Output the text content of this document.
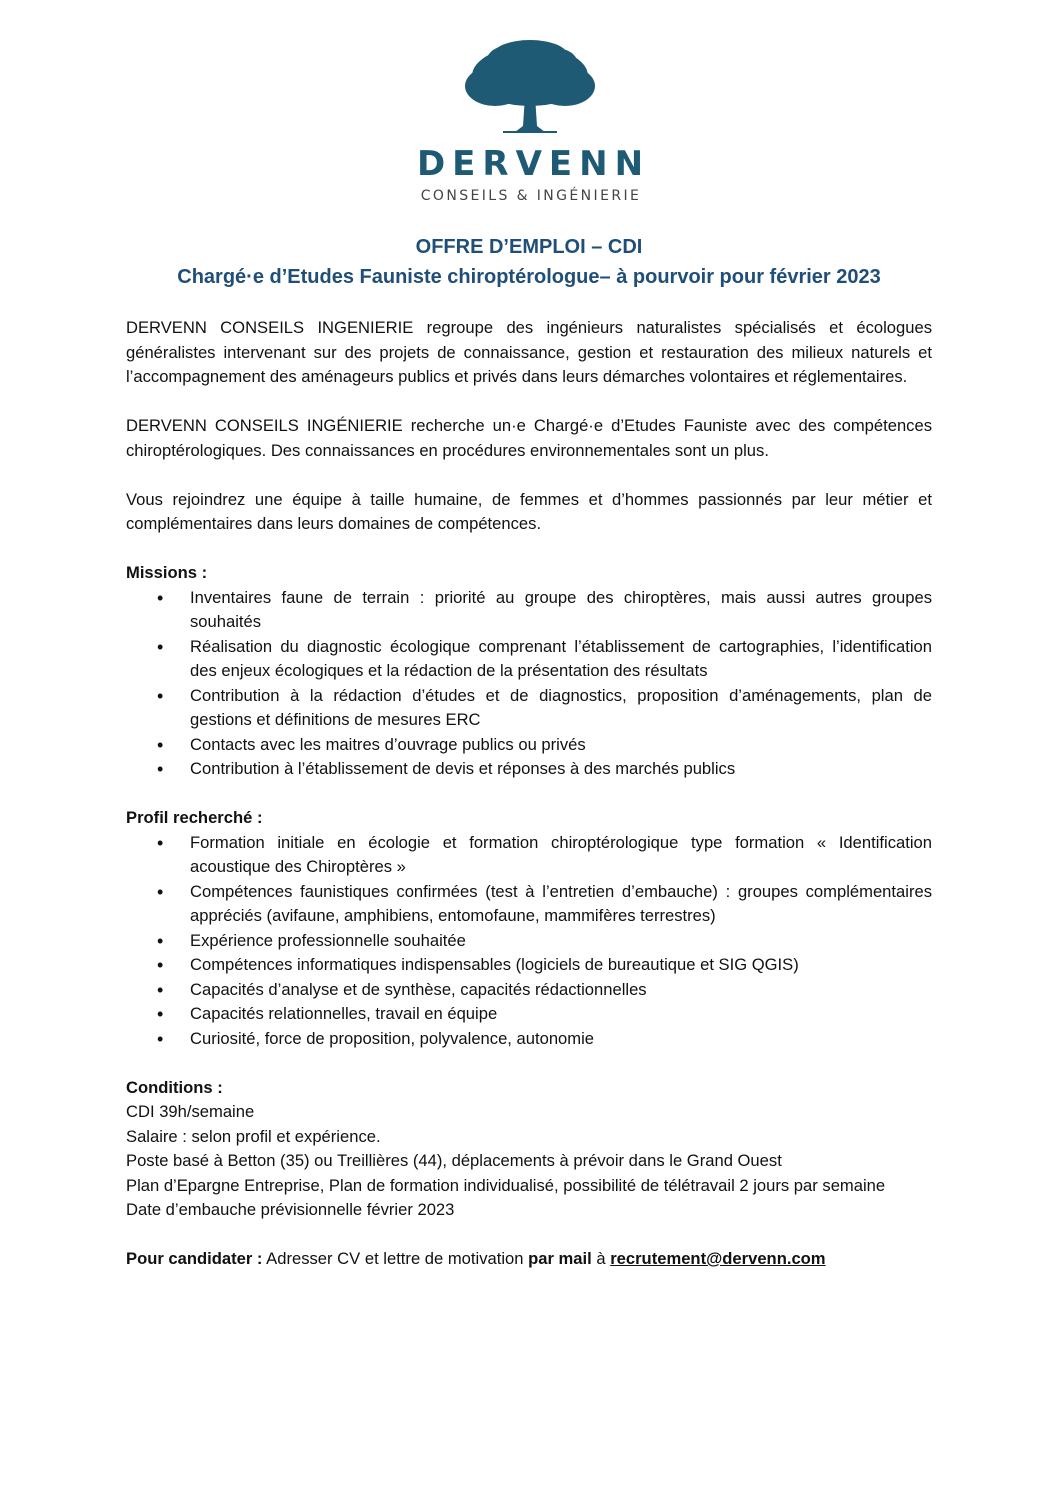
DERVENN
CONSEILS & INGÉNIERIE
OFFRE D’EMPLOI – CDI
Chargé·e d’Etudes Fauniste chiroptérologue– à pourvoir pour février 2023

DERVENN CONSEILS INGENIERIE regroupe des ingénieurs naturalistes spécialisés et écologues généralistes intervenant sur des projets de connaissance, gestion et restauration des milieux naturels et l’accompagnement des aménageurs publics et privés dans leurs démarches volontaires et réglementaires.

DERVENN CONSEILS INGÉNIERIE recherche un·e Chargé·e d’Etudes Fauniste avec des compétences chiroptérologiques. Des connaissances en procédures environnementales sont un plus.

Vous rejoindrez une équipe à taille humaine, de femmes et d’hommes passionnés par leur métier et complémentaires dans leurs domaines de compétences.

Missions :

• Inventaires faune de terrain : priorité au groupe des chiroptères, mais aussi autres groupes souhaités
• Réalisation du diagnostic écologique comprenant l’établissement de cartographies, l’identification des enjeux écologiques et la rédaction de la présentation des résultats
• Contribution à la rédaction d’études et de diagnostics, proposition d’aménagements, plan de gestions et définitions de mesures ERC
• Contacts avec les maitres d’ouvrage publics ou privés
• Contribution à l’établissement de devis et réponses à des marchés publics

Profil recherché :

• Formation initiale en écologie et formation chiroptérologique type formation « Identification acoustique des Chiroptères »
• Compétences faunistiques confirmées (test à l’entretien d’embauche) : groupes complémentaires appréciés (avifaune, amphibiens, entomofaune, mammifères terrestres)
• Expérience professionnelle souhaitée
• Compétences informatiques indispensables (logiciels de bureautique et SIG QGIS)
• Capacités d’analyse et de synthèse, capacités rédactionnelles
• Capacités relationnelles, travail en équipe
• Curiosité, force de proposition, polyvalence, autonomie

Conditions :

CDI 39h/semaine

Salaire : selon profil et expérience.

Poste basé à Betton (35) ou Treillières (44), déplacements à prévoir dans le Grand Ouest

Plan d’Epargne Entreprise, Plan de formation individualisé, possibilité de télétravail 2 jours par semaine

Date d’embauche prévisionnelle février 2023

Pour candidater : Adresser CV et lettre de motivation par mail à recrutement@dervenn.com
